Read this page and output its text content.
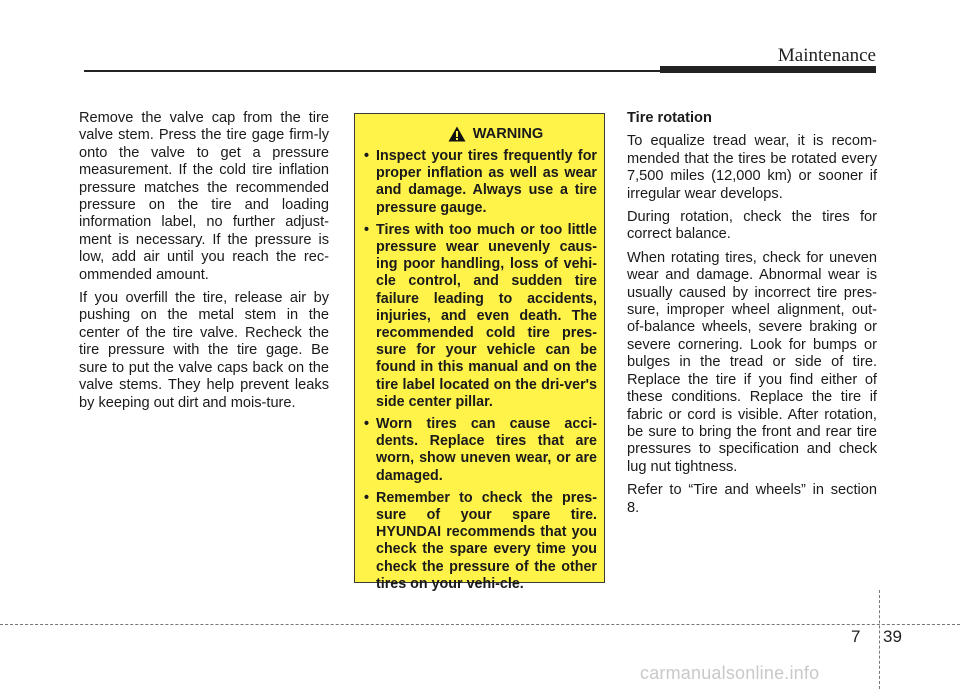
Maintenance

Remove the valve cap from the tire valve stem. Press the tire gage firm-ly onto the valve to get a pressure measurement. If the cold tire inflation pressure matches the recommended pressure on the tire and loading information label, no further adjust-ment is necessary. If the pressure is low, add air until you reach the rec-ommended amount.

If you overfill the tire, release air by pushing on the metal stem in the center of the tire valve. Recheck the tire pressure with the tire gage. Be sure to put the valve caps back on the valve stems. They help prevent leaks by keeping out dirt and mois-ture.

WARNING
• Inspect your tires frequently for proper inflation as well as wear and damage. Always use a tire pressure gauge.
• Tires with too much or too little pressure wear unevenly caus-ing poor handling, loss of vehi-cle control, and sudden tire failure leading to accidents, injuries, and even death. The recommended cold tire pres-sure for your vehicle can be found in this manual and on the tire label located on the dri-ver's side center pillar.
• Worn tires can cause acci-dents. Replace tires that are worn, show uneven wear, or are damaged.
• Remember to check the pres-sure of your spare tire. HYUNDAI recommends that you check the spare every time you check the pressure of the other tires on your vehi-cle.

Tire rotation

To equalize tread wear, it is recom-mended that the tires be rotated every 7,500 miles (12,000 km) or sooner if irregular wear develops.

During rotation, check the tires for correct balance.

When rotating tires, check for uneven wear and damage. Abnormal wear is usually caused by incorrect tire pres-sure, improper wheel alignment, out-of-balance wheels, severe braking or severe cornering. Look for bumps or bulges in the tread or side of tire. Replace the tire if you find either of these conditions. Replace the tire if fabric or cord is visible. After rotation, be sure to bring the front and rear tire pressures to specification and check lug nut tightness.

Refer to “Tire and wheels” in section 8.

7 39
carmanualsonline.info
